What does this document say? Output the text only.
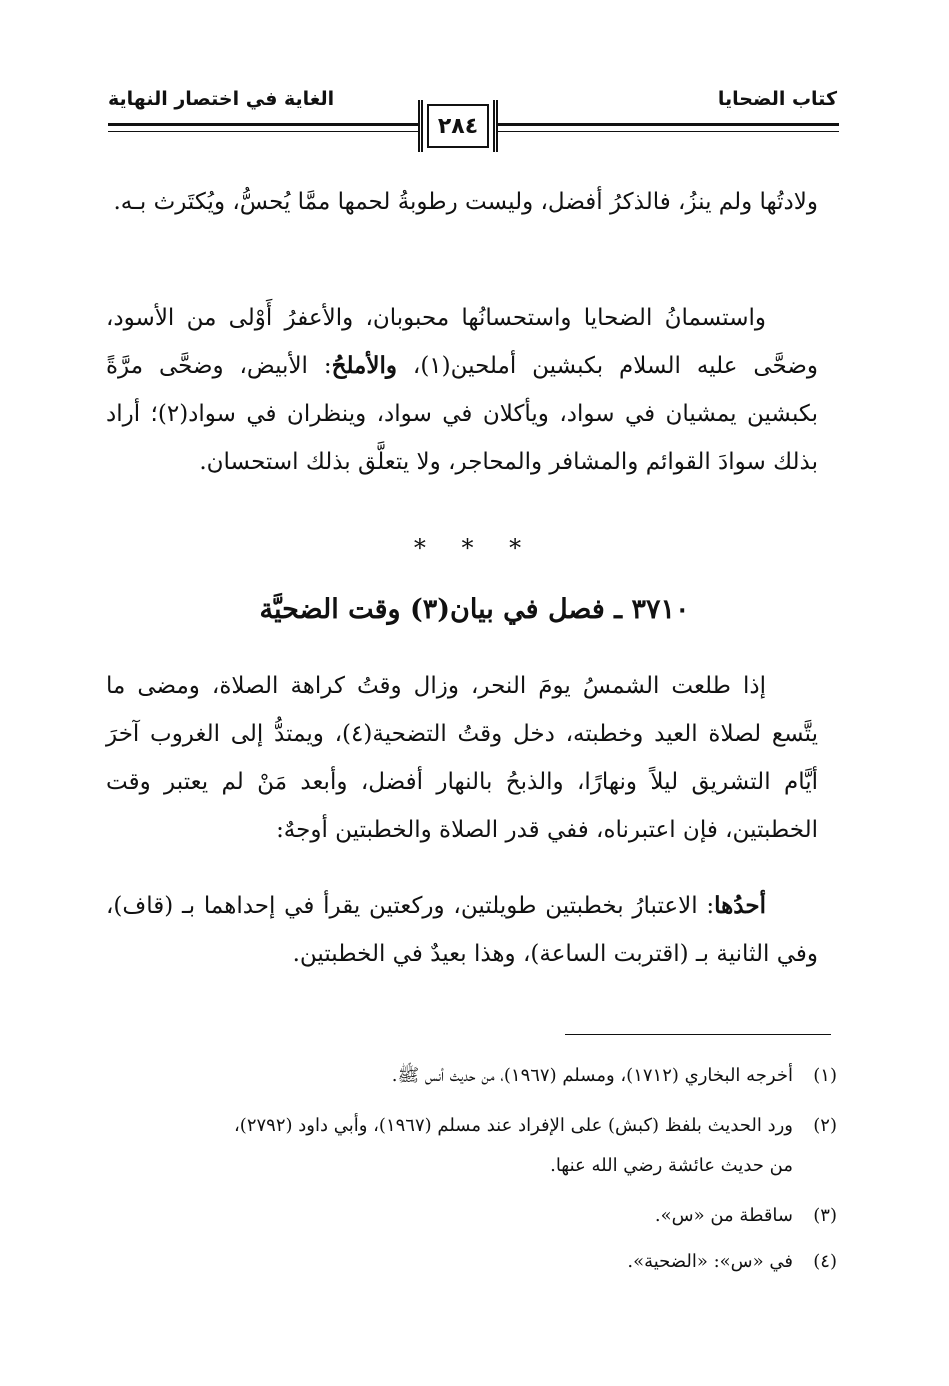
كتاب الضحايا
الغاية في اختصار النهاية
٢٨٤
ولادتُها ولم ينزُ، فالذكرُ أفضل، وليست رطوبةُ لحمها ممَّا يُحسُّ، ويُكتَرث بـه.
واستسمانُ الضحايا واستحسانُها محبوبان، والأعفرُ أَوْلى من الأسود، وضحَّى عليه السلام بكبشين أملحين(١)، والأملحُ: الأبيض، وضحَّى مرَّةً بكبشين يمشيان في سواد، ويأكلان في سواد، وينظران في سواد(٢)؛ أراد بذلك سوادَ القوائم والمشافر والمحاجر، ولا يتعلَّق بذلك استحسان.
* * *
٣٧١٠ ـ فصل في بيان(٣) وقت الضحيَّة
إذا طلعت الشمسُ يومَ النحر، وزال وقتُ كراهة الصلاة، ومضى ما يتَّسع لصلاة العيد وخطبته، دخل وقتُ التضحية(٤)، ويمتدُّ إلى الغروب آخرَ أيَّام التشريق ليلاً ونهارًا، والذبحُ بالنهار أفضل، وأبعد مَنْ لم يعتبر وقت الخطبتين، فإن اعتبرناه، ففي قدر الصلاة والخطبتين أوجهٌ:
أحدُها: الاعتبارُ بخطبتين طويلتين، وركعتين يقرأ في إحداهما بـ (قاف)، وفي الثانية بـ (اقتربت الساعة)، وهذا بعيدٌ في الخطبتين.
(١)أخرجه البخاري (١٧١٢)، ومسلم (١٩٦٧)، من حديث أنس ﷺ.
(٢)ورد الحديث بلفظ (كبش) على الإفراد عند مسلم (١٩٦٧)، وأبي داود (٢٧٩٢)،
من حديث عائشة رضي الله عنها.
(٣)ساقطة من «س».
(٤)في «س»: «الضحية».
